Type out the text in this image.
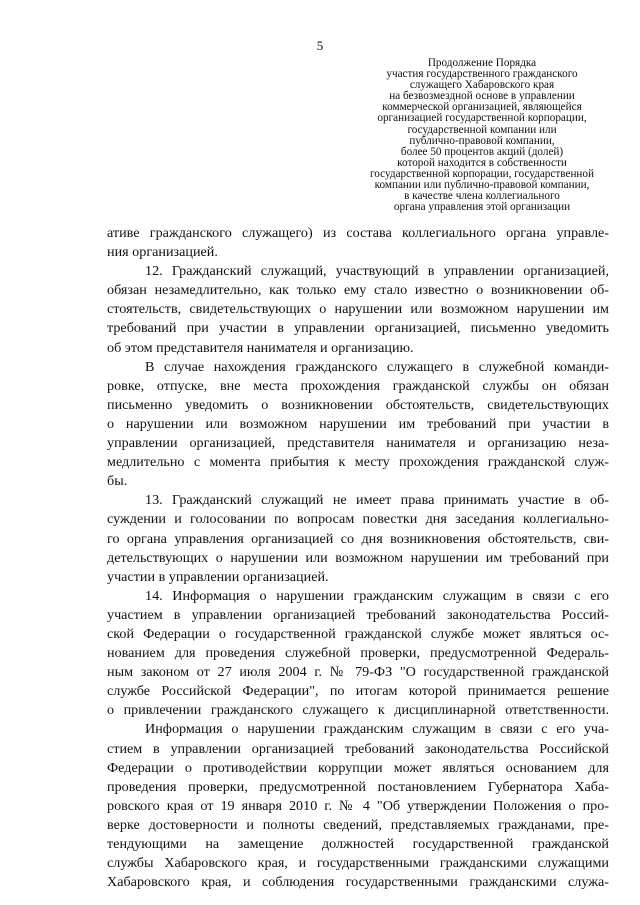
5
Продолжение Порядка
участия государственного гражданского
служащего Хабаровского края
на безвозмездной основе в управлении
коммерческой организацией, являющейся
организацией государственной корпорации,
государственной компании или
публично-правовой компании,
более 50 процентов акций (долей)
которой находится в собственности
государственной корпорации, государственной
компании или публично-правовой компании,
в качестве члена коллегиального
органа управления этой организации
ативе гражданского служащего) из состава коллегиального органа управле-
ния организацией.
12. Гражданский служащий, участвующий в управлении организацией,
обязан незамедлительно, как только ему стало известно о возникновении об-
стоятельств, свидетельствующих о нарушении или возможном нарушении им
требований при участии в управлении организацией, письменно уведомить
об этом представителя нанимателя и организацию.
В случае нахождения гражданского служащего в служебной команди-
ровке, отпуске, вне места прохождения гражданской службы он обязан
письменно уведомить о возникновении обстоятельств, свидетельствующих
о нарушении или возможном нарушении им требований при участии в
управлении организацией, представителя нанимателя и организацию неза-
медлительно с момента прибытия к месту прохождения гражданской служ-
бы.
13. Гражданский служащий не имеет права принимать участие в об-
суждении и голосовании по вопросам повестки дня заседания коллегиально-
го органа управления организацией со дня возникновения обстоятельств, сви-
детельствующих о нарушении или возможном нарушении им требований при
участии в управлении организацией.
14. Информация о нарушении гражданским служащим в связи с его
участием в управлении организацией требований законодательства Россий-
ской Федерации о государственной гражданской службе может являться ос-
нованием для проведения служебной проверки, предусмотренной Федераль-
ным законом от 27 июля 2004 г. № 79-ФЗ "О государственной гражданской
службе Российской Федерации", по итогам которой принимается решение
о привлечении гражданского служащего к дисциплинарной ответственности.
Информация о нарушении гражданским служащим в связи с его уча-
стием в управлении организацией требований законодательства Российской
Федерации о противодействии коррупции может являться основанием для
проведения проверки, предусмотренной постановлением Губернатора Хаба-
ровского края от 19 января 2010 г. № 4 "Об утверждении Положения о про-
верке достоверности и полноты сведений, представляемых гражданами, пре-
тендующими на замещение должностей государственной гражданской
службы Хабаровского края, и государственными гражданскими служащими
Хабаровского края, и соблюдения государственными гражданскими служа-
